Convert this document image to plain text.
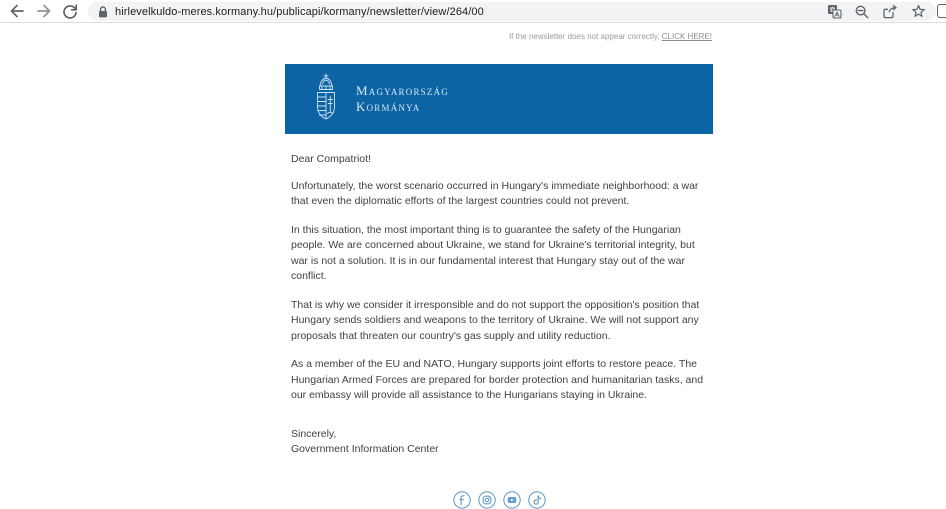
hirlevelkuldo-meres.kormany.hu/publicapi/kormany/newsletter/view/264/00
If the newsletter does not appear correctly, CLICK HERE!
Magyarország
Kormánya
Dear Compatriot!

Unfortunately, the worst scenario occurred in Hungary's immediate neighborhood: a war that even the diplomatic efforts of the largest countries could not prevent.

In this situation, the most important thing is to guarantee the safety of the Hungarian people. We are concerned about Ukraine, we stand for Ukraine's territorial integrity, but war is not a solution. It is in our fundamental interest that Hungary stay out of the war conflict.

That is why we consider it irresponsible and do not support the opposition's position that Hungary sends soldiers and weapons to the territory of Ukraine. We will not support any proposals that threaten our country's gas supply and utility reduction.

As a member of the EU and NATO, Hungary supports joint efforts to restore peace. The Hungarian Armed Forces are prepared for border protection and humanitarian tasks, and our embassy will provide all assistance to the Hungarians staying in Ukraine.

Sincerely,
Government Information Center
